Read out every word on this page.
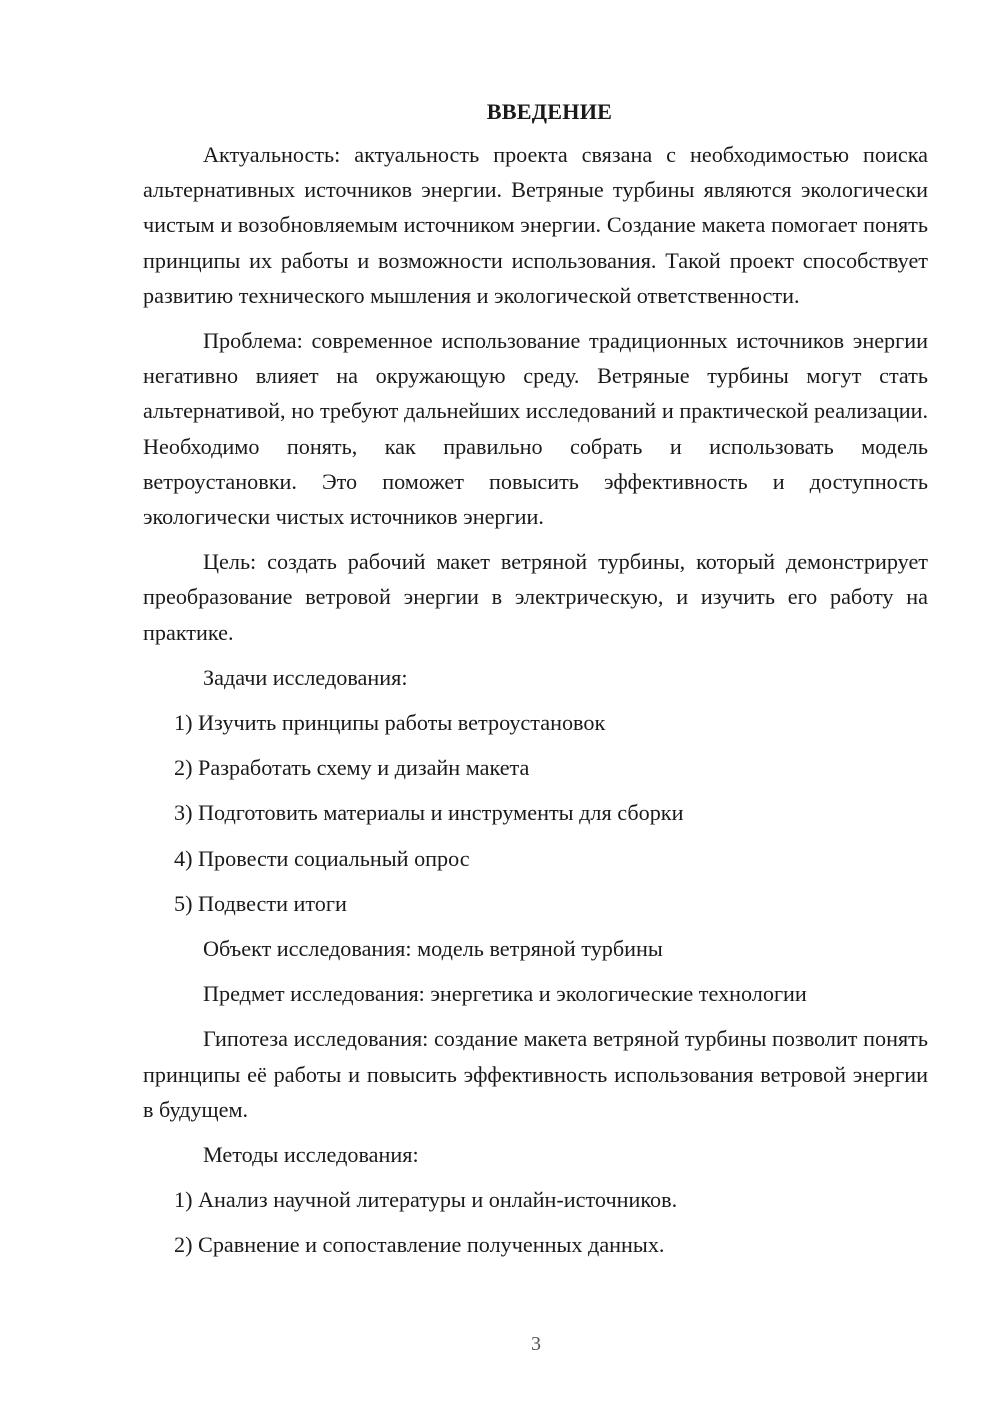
ВВЕДЕНИЕ

Актуальность: актуальность проекта связана с необходимостью поиска альтернативных источников энергии. Ветряные турбины являются экологически чистым и возобновляемым источником энергии. Создание макета помогает понять принципы их работы и возможности использования. Такой проект способствует развитию технического мышления и экологической ответственности.

Проблема: современное использование традиционных источников энергии негативно влияет на окружающую среду. Ветряные турбины могут стать альтернативой, но требуют дальнейших исследований и практической реализации. Необходимо понять, как правильно собрать и использовать модель ветроустановки. Это поможет повысить эффективность и доступность экологически чистых источников энергии.

Цель: создать рабочий макет ветряной турбины, который демонстрирует преобразование ветровой энергии в электрическую, и изучить его работу на практике.

Задачи исследования:

1) Изучить принципы работы ветроустановок

2) Разработать схему и дизайн макета

3) Подготовить материалы и инструменты для сборки

4) Провести социальный опрос

5) Подвести итоги

Объект исследования: модель ветряной турбины

Предмет исследования: энергетика и экологические технологии

Гипотеза исследования: создание макета ветряной турбины позволит понять принципы её работы и повысить эффективность использования ветровой энергии в будущем.

Методы исследования:

1) Анализ научной литературы и онлайн-источников.

2) Сравнение и сопоставление полученных данных.

3
